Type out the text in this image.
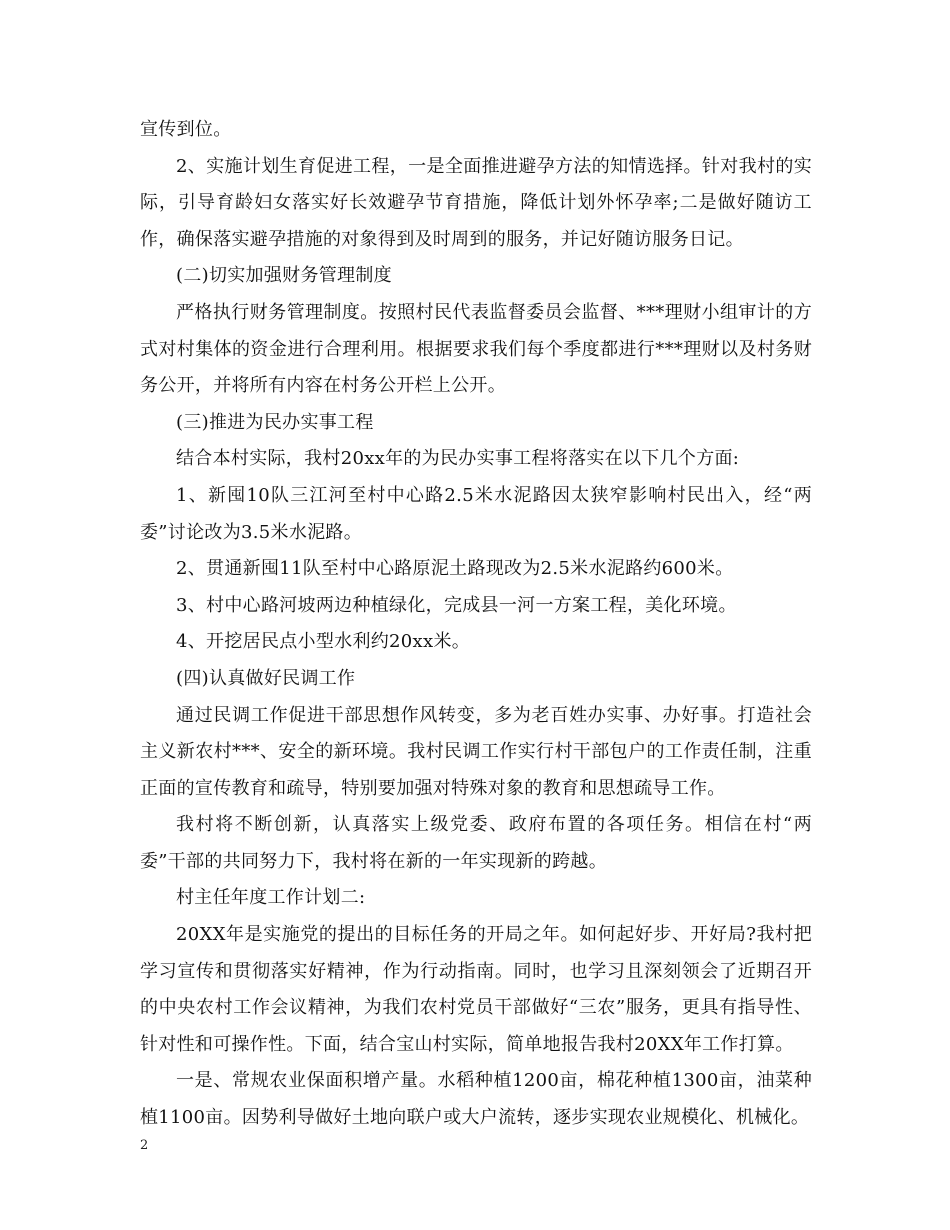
宣传到位。

2、实施计划生育促进工程，一是全面推进避孕方法的知情选择。针对我村的实际，引导育龄妇女落实好长效避孕节育措施，降低计划外怀孕率;二是做好随访工作，确保落实避孕措施的对象得到及时周到的服务，并记好随访服务日记。

(二)切实加强财务管理制度

严格执行财务管理制度。按照村民代表监督委员会监督、***理财小组审计的方式对村集体的资金进行合理利用。根据要求我们每个季度都进行***理财以及村务财务公开，并将所有内容在村务公开栏上公开。

(三)推进为民办实事工程

结合本村实际，我村20xx年的为民办实事工程将落实在以下几个方面:

1、新囤10队三江河至村中心路2.5米水泥路因太狭窄影响村民出入，经“两委”讨论改为3.5米水泥路。

2、贯通新囤11队至村中心路原泥土路现改为2.5米水泥路约600米。

3、村中心路河坡两边种植绿化，完成县一河一方案工程，美化环境。

4、开挖居民点小型水利约20xx米。

(四)认真做好民调工作

通过民调工作促进干部思想作风转变，多为老百姓办实事、办好事。打造社会主义新农村***、安全的新环境。我村民调工作实行村干部包户的工作责任制，注重正面的宣传教育和疏导，特别要加强对特殊对象的教育和思想疏导工作。

我村将不断创新，认真落实上级党委、政府布置的各项任务。相信在村“两委”干部的共同努力下，我村将在新的一年实现新的跨越。

村主任年度工作计划二:

20XX年是实施党的提出的目标任务的开局之年。如何起好步、开好局?我村把学习宣传和贯彻落实好精神，作为行动指南。同时，也学习且深刻领会了近期召开的中央农村工作会议精神，为我们农村党员干部做好“三农”服务，更具有指导性、针对性和可操作性。下面，结合宝山村实际，简单地报告我村20XX年工作打算。

一是、常规农业保面积增产量。水稻种植1200亩，棉花种植1300亩，油菜种植1100亩。因势利导做好土地向联户或大户流转，逐步实现农业规模化、机械化。

2
